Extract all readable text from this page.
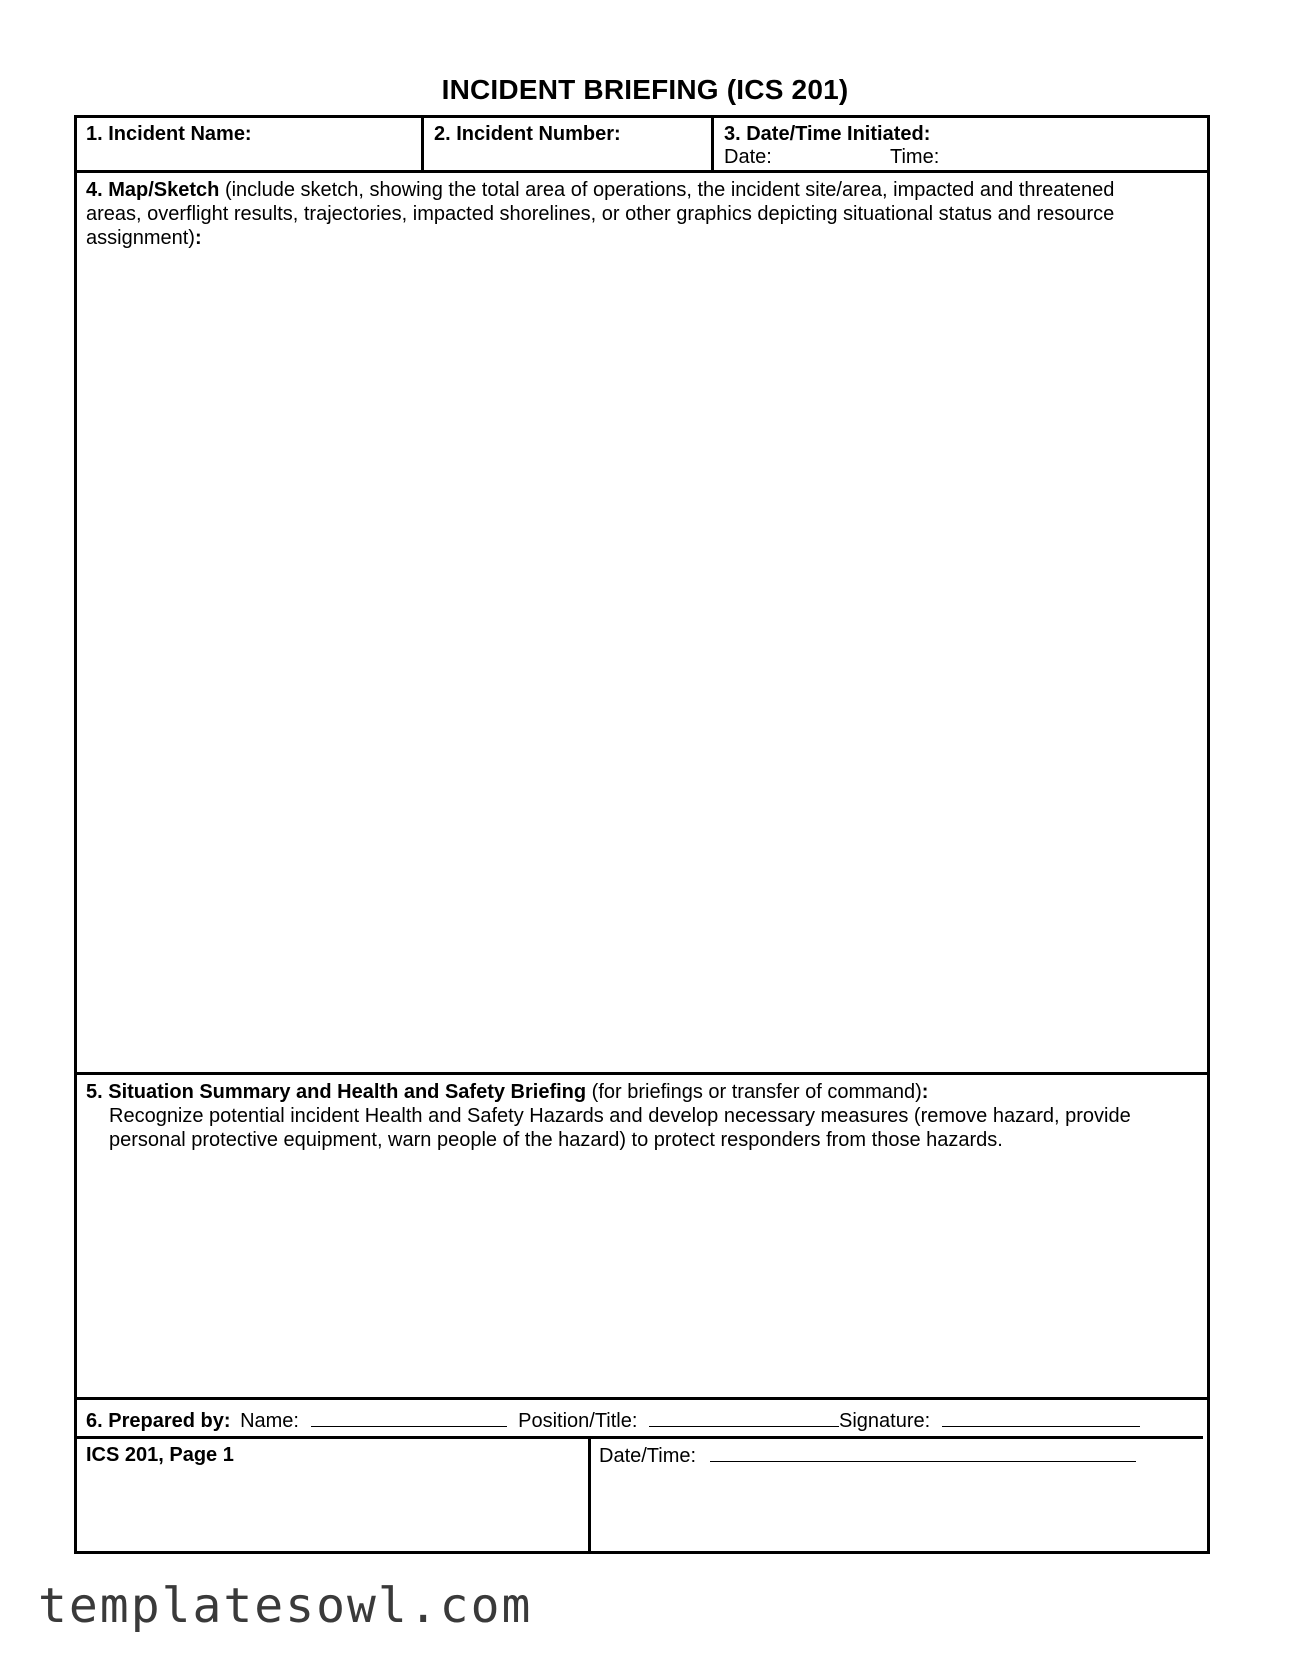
INCIDENT BRIEFING (ICS 201)
1. Incident Name:	2. Incident Number:	3. Date/Time Initiated:
Date:	Time:
4. Map/Sketch (include sketch, showing the total area of operations, the incident site/area, impacted and threatened areas, overflight results, trajectories, impacted shorelines, or other graphics depicting situational status and resource assignment):
5. Situation Summary and Health and Safety Briefing (for briefings or transfer of command):
Recognize potential incident Health and Safety Hazards and develop necessary measures (remove hazard, provide personal protective equipment, warn people of the hazard) to protect responders from those hazards.
6. Prepared by: Name:	Position/Title:	Signature:
ICS 201, Page 1	Date/Time:
templatesowl.com
